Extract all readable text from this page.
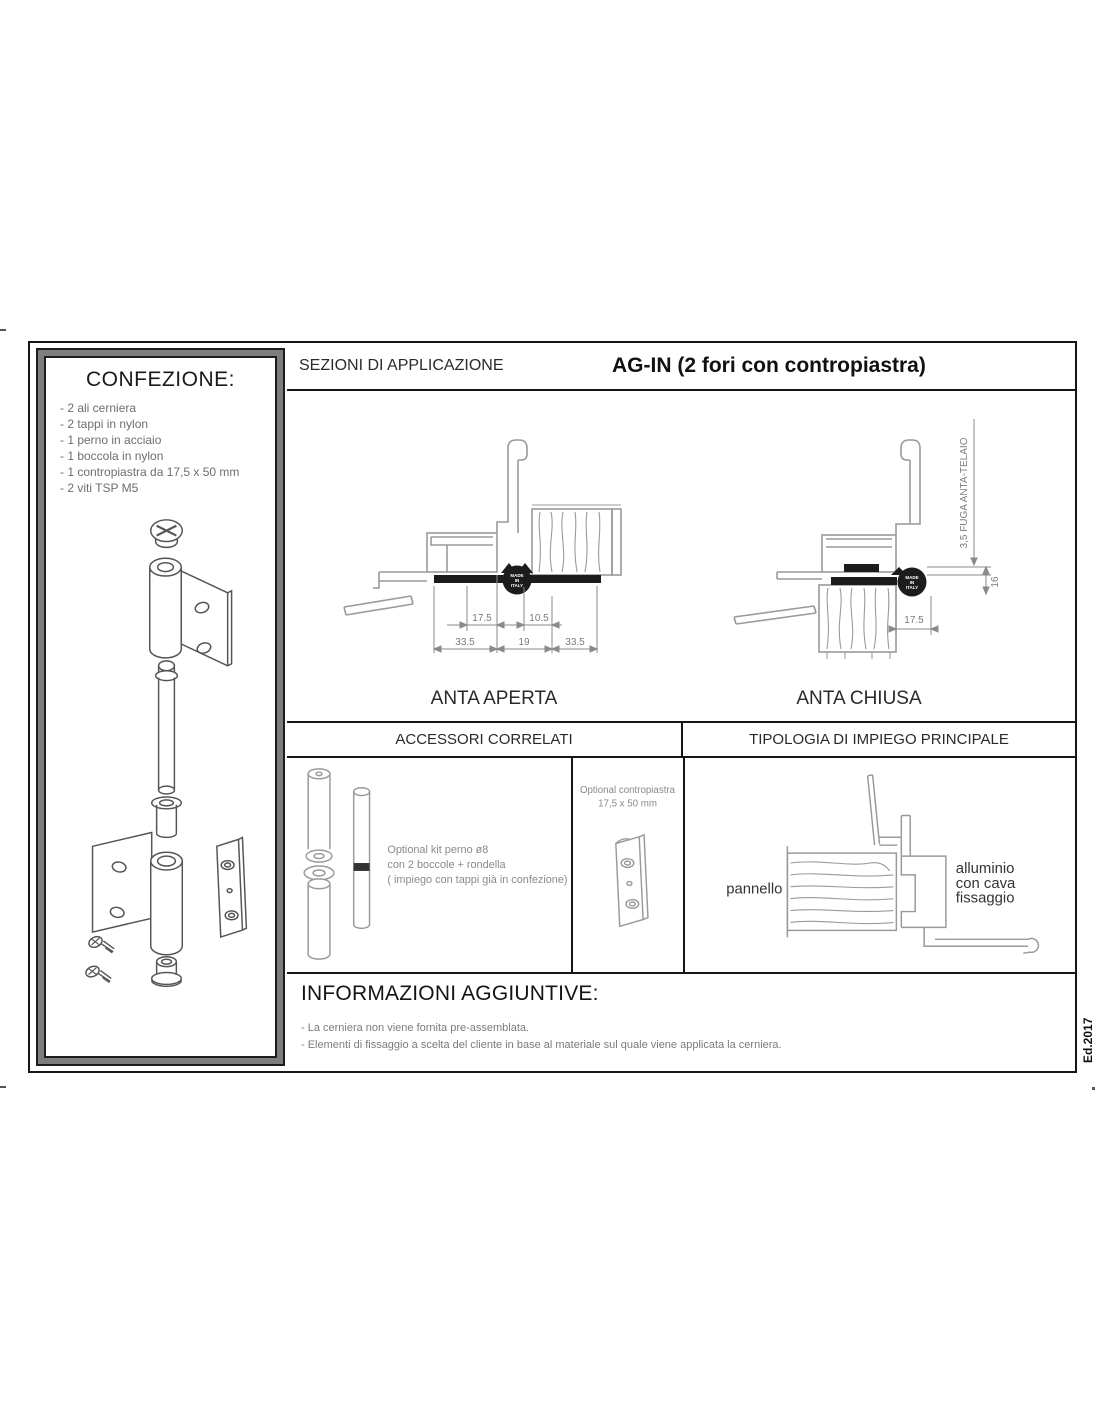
CONFEZIONE:
- 2 ali cerniera
- 2 tappi in nylon
- 1 perno in acciaio
- 1 boccola in nylon
- 1 contropiastra da 17,5 x 50 mm
- 2 viti TSP M5
SEZIONI DI APPLICAZIONE	AG-IN (2 fori con contropiastra)
MADE
IN
ITALY
17.5	10.5
33.5	19	33.5
ANTA APERTA
MADE
IN
ITALY
3,5 FUGA ANTA-TELAIO
16
17.5
ANTA CHIUSA
ACCESSORI CORRELATI	TIPOLOGIA DI IMPIEGO PRINCIPALE
Optional kit perno ø8
con 2 boccole + rondella
( impiego con tappi già in confezione)
Optional contropiastra
17,5 x 50 mm
pannello
alluminio
con cava
fissaggio
INFORMAZIONI AGGIUNTIVE:
- La cerniera non viene fornita pre-assemblata.
- Elementi di fissaggio a scelta del cliente in base al materiale sul quale viene applicata la cerniera.	Ed.2017
